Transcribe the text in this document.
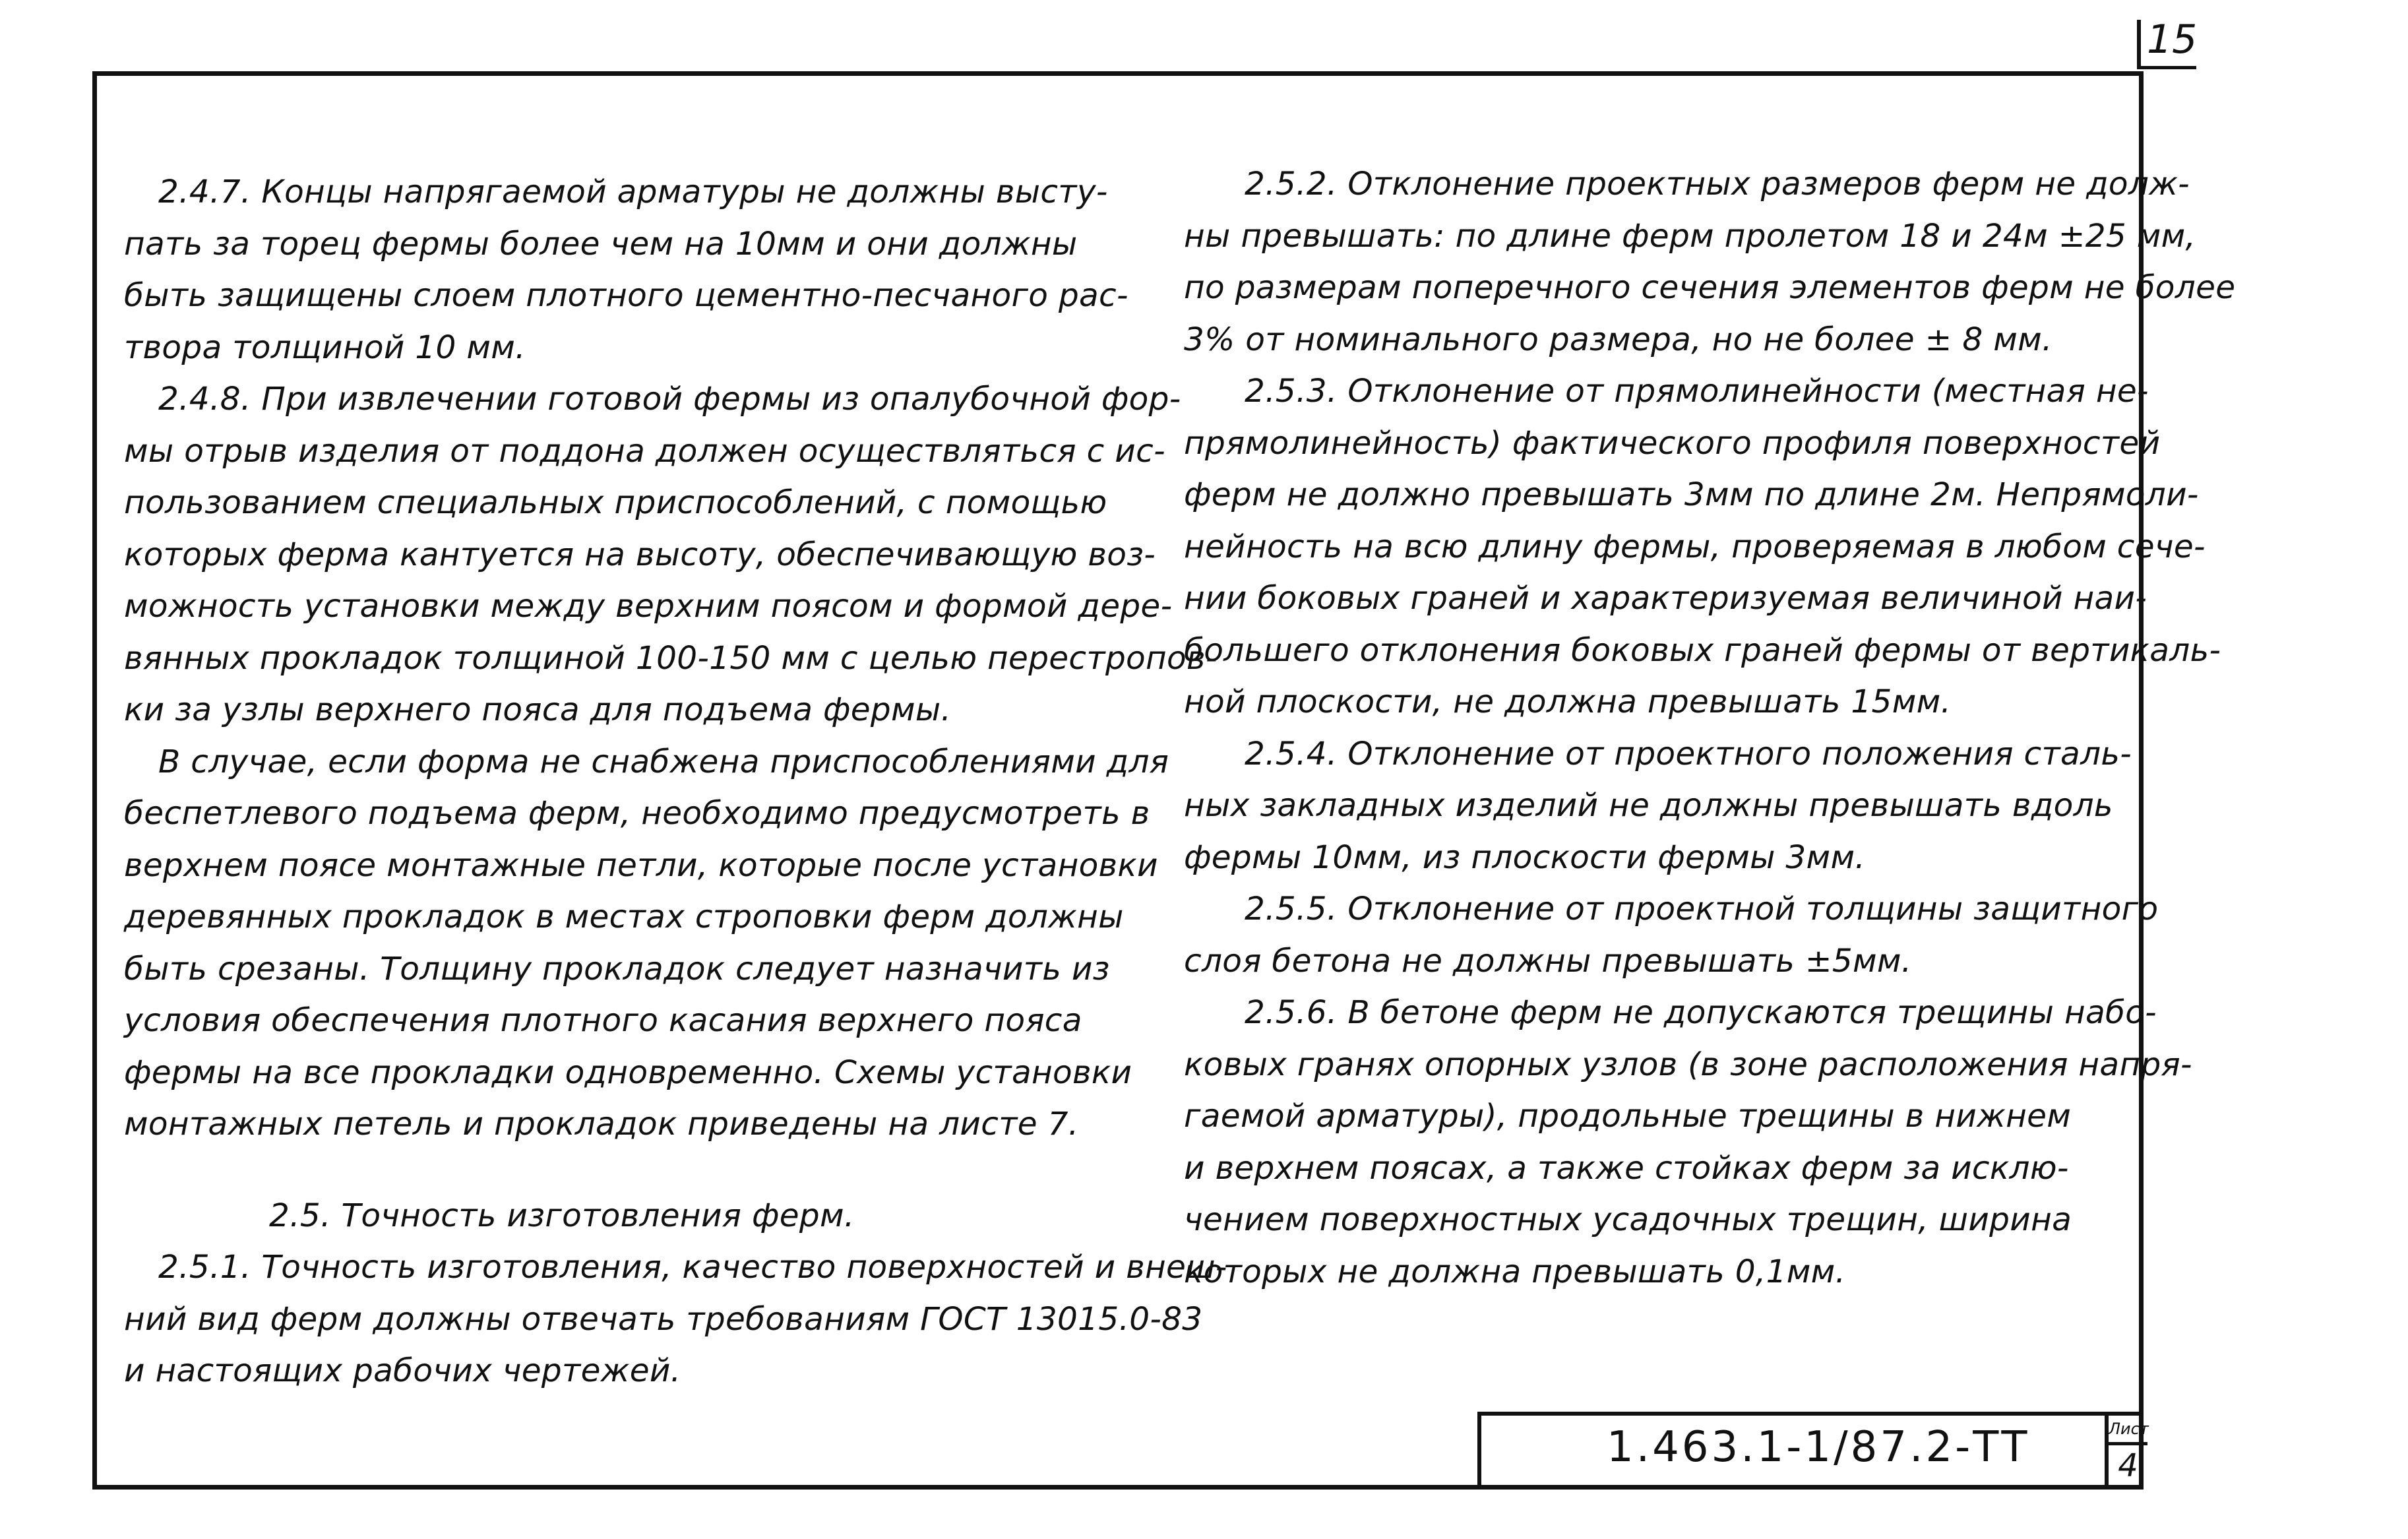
15
2.4.7. Концы напрягаемой арматуры не должны высту-
пать за торец фермы более чем на 10мм и они должны
быть защищены слоем плотного цементно-песчаного рас-
твора толщиной 10 мм.
2.4.8. При извлечении готовой фермы из опалубочной фор-
мы отрыв изделия от поддона должен осуществляться с ис-
пользованием специальных приспособлений, с помощью
которых ферма кантуется на высоту, обеспечивающую воз-
можность установки между верхним поясом и формой дере-
вянных прокладок толщиной 100-150 мм с целью перестропов-
ки за узлы верхнего пояса для подъема фермы.
В случае, если форма не снабжена приспособлениями для
беспетлевого подъема ферм, необходимо предусмотреть в
верхнем поясе монтажные петли, которые после установки
деревянных прокладок в местах строповки ферм должны
быть срезаны. Толщину прокладок следует назначить из
условия обеспечения плотного касания верхнего пояса
фермы на все прокладки одновременно. Схемы установки
монтажных петель и прокладок приведены на листе 7.
2.5. Точность изготовления ферм.
2.5.1. Точность изготовления, качество поверхностей и внеш-
ний вид ферм должны отвечать требованиям ГОСТ 13015.0-83
и настоящих рабочих чертежей.
2.5.2. Отклонение проектных размеров ферм не долж-
ны превышать: по длине ферм пролетом 18 и 24м ±25 мм,
по размерам поперечного сечения элементов ферм не более
3% от номинального размера, но не более ± 8 мм.
2.5.3. Отклонение от прямолинейности (местная не-
прямолинейность) фактического профиля поверхностей
ферм не должно превышать 3мм по длине 2м. Непрямоли-
нейность на всю длину фермы, проверяемая в любом сече-
нии боковых граней и характеризуемая величиной наи-
большего отклонения боковых граней фермы от вертикаль-
ной плоскости, не должна превышать 15мм.
2.5.4. Отклонение от проектного положения сталь-
ных закладных изделий не должны превышать вдоль
фермы 10мм, из плоскости фермы 3мм.
2.5.5. Отклонение от проектной толщины защитного
слоя бетона не должны превышать ±5мм.
2.5.6. В бетоне ферм не допускаются трещины набо-
ковых гранях опорных узлов (в зоне расположения напря-
гаемой арматуры), продольные трещины в нижнем
и верхнем поясах, а также стойках ферм за исклю-
чением поверхностных усадочных трещин, ширина
которых не должна превышать 0,1мм.
1.463.1-1/87.2-ТТ	Лист
4
